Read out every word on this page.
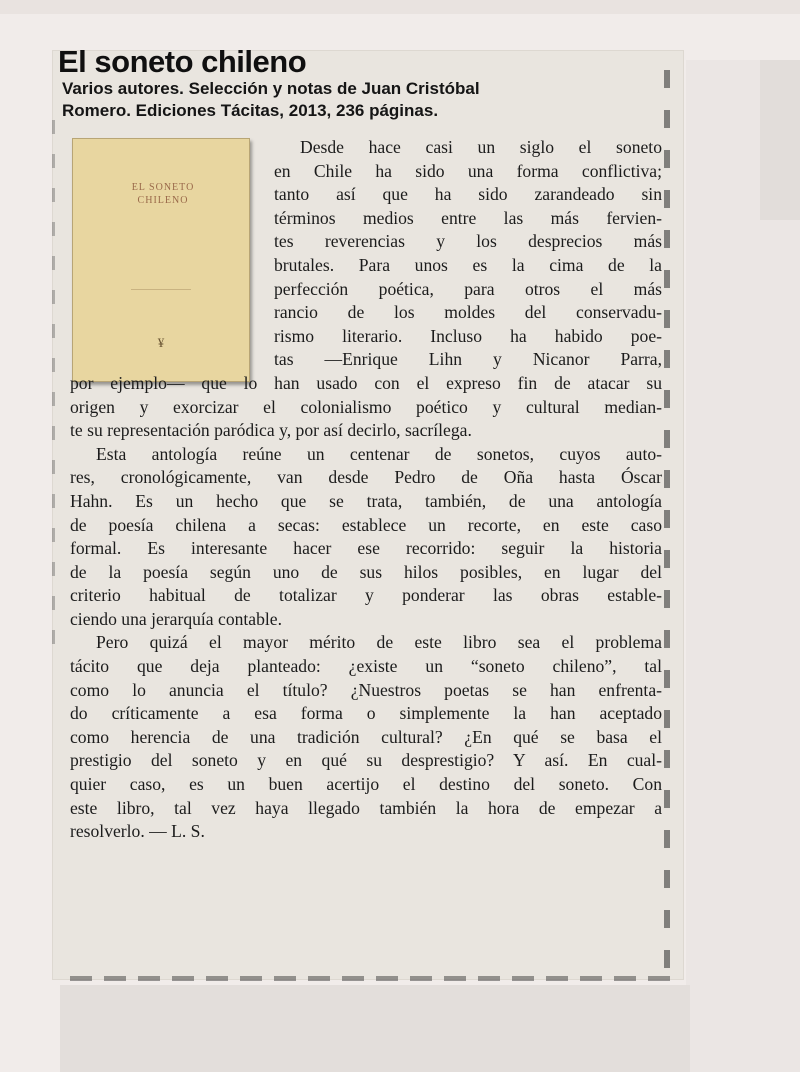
El soneto chileno
Varios autores. Selección y notas de Juan Cristóbal
Romero. Ediciones Tácitas, 2013, 236 páginas.
EL SONETO
CHILENO
¥
Desde hace casi un siglo el soneto
en Chile ha sido una forma conflictiva;
tanto así que ha sido zarandeado sin
términos medios entre las más fervien-
tes reverencias y los desprecios más
brutales. Para unos es la cima de la
perfección poética, para otros el más
rancio de los moldes del conservadu-
rismo literario. Incluso ha habido poe-
tas —Enrique Lihn y Nicanor Parra,
por ejemplo— que lo han usado con el expreso fin de atacar su
origen y exorcizar el colonialismo poético y cultural median-
te su representación paródica y, por así decirlo, sacrílega.
Esta antología reúne un centenar de sonetos, cuyos auto-
res, cronológicamente, van desde Pedro de Oña hasta Óscar
Hahn. Es un hecho que se trata, también, de una antología
de poesía chilena a secas: establece un recorte, en este caso
formal. Es interesante hacer ese recorrido: seguir la historia
de la poesía según uno de sus hilos posibles, en lugar del
criterio habitual de totalizar y ponderar las obras estable-
ciendo una jerarquía contable.
Pero quizá el mayor mérito de este libro sea el problema
tácito que deja planteado: ¿existe un “soneto chileno”, tal
como lo anuncia el título? ¿Nuestros poetas se han enfrenta-
do críticamente a esa forma o simplemente la han aceptado
como herencia de una tradición cultural? ¿En qué se basa el
prestigio del soneto y en qué su desprestigio? Y así. En cual-
quier caso, es un buen acertijo el destino del soneto. Con
este libro, tal vez haya llegado también la hora de empezar a
resolverlo. — L. S.
